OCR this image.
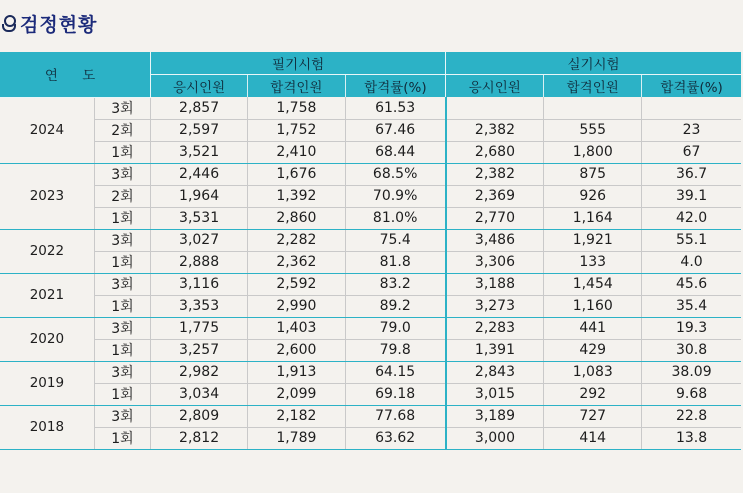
검정현황
연 도		필기시험			실기시험		
		응시인원	합격인원	합격률(%)	응시인원	합격인원	합격률(%)
2024	3회	2,857	1,758	61.53			
	2회	2,597	1,752	67.46	2,382	555	23
	1회	3,521	2,410	68.44	2,680	1,800	67
2023	3회	2,446	1,676	68.5%	2,382	875	36.7
	2회	1,964	1,392	70.9%	2,369	926	39.1
	1회	3,531	2,860	81.0%	2,770	1,164	42.0
2022	3회	3,027	2,282	75.4	3,486	1,921	55.1
	1회	2,888	2,362	81.8	3,306	133	4.0
2021	3회	3,116	2,592	83.2	3,188	1,454	45.6
	1회	3,353	2,990	89.2	3,273	1,160	35.4
2020	3회	1,775	1,403	79.0	2,283	441	19.3
	1회	3,257	2,600	79.8	1,391	429	30.8
2019	3회	2,982	1,913	64.15	2,843	1,083	38.09
	1회	3,034	2,099	69.18	3,015	292	9.68
2018	3회	2,809	2,182	77.68	3,189	727	22.8
	1회	2,812	1,789	63.62	3,000	414	13.8
